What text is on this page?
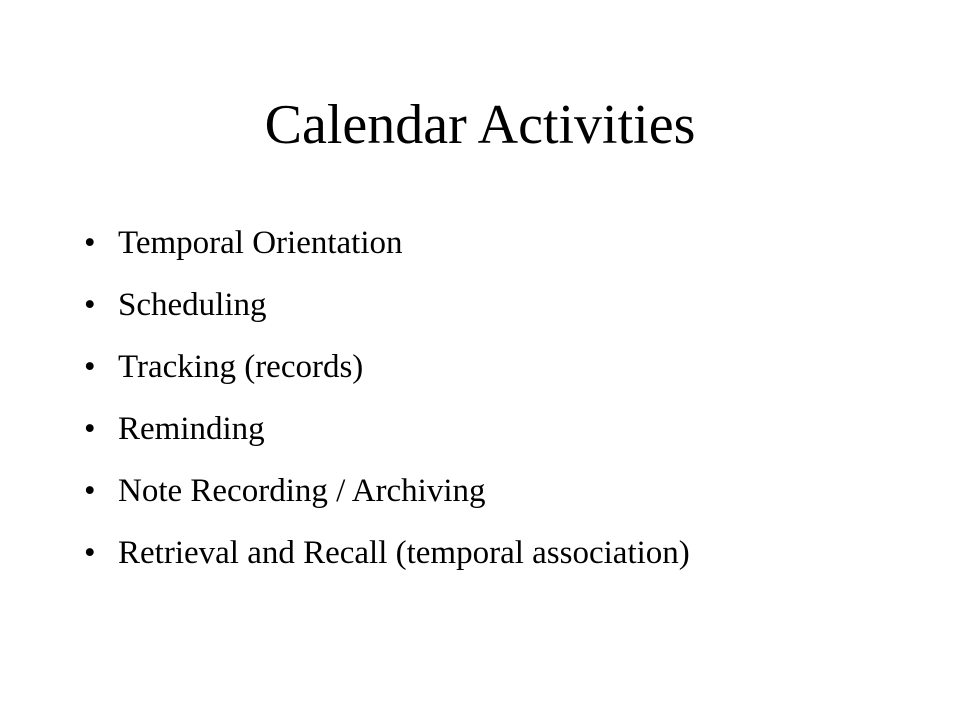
Calendar Activities
• Temporal Orientation
• Scheduling
• Tracking (records)
• Reminding
• Note Recording / Archiving
• Retrieval and Recall (temporal association)
